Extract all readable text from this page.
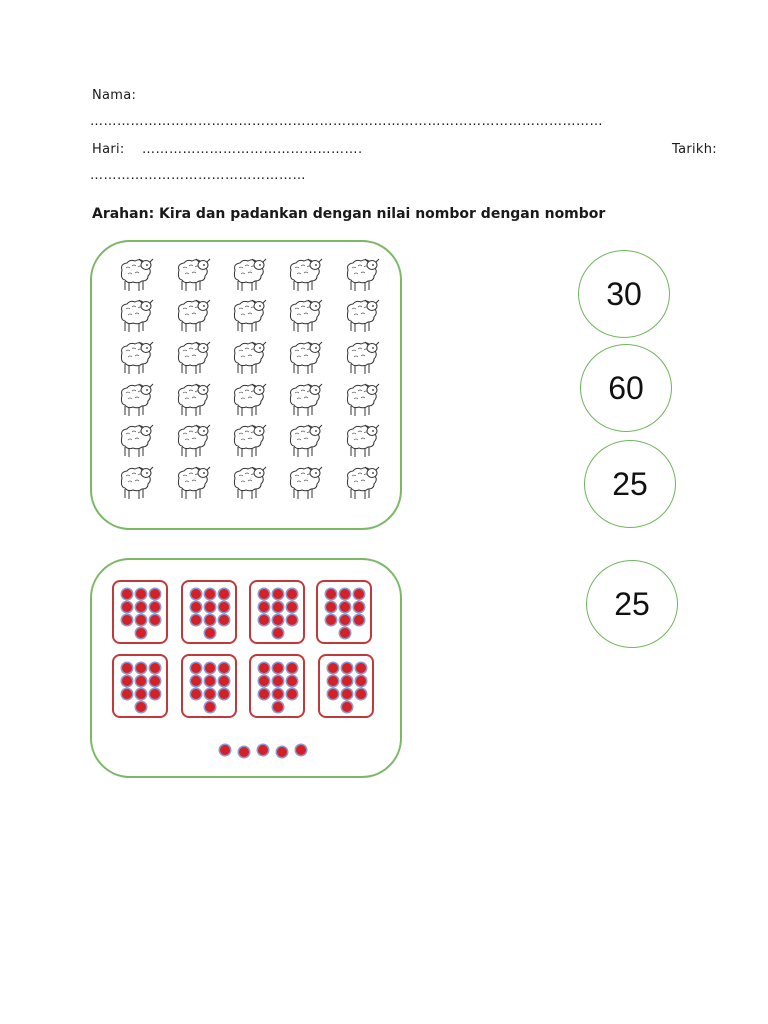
Nama:
……………………………………………………………………………………………………
Hari: ………………………………………….	Tarikh:
…………………………………………
Arahan: Kira dan padankan dengan nilai nombor dengan nombor
30
60
25
25
